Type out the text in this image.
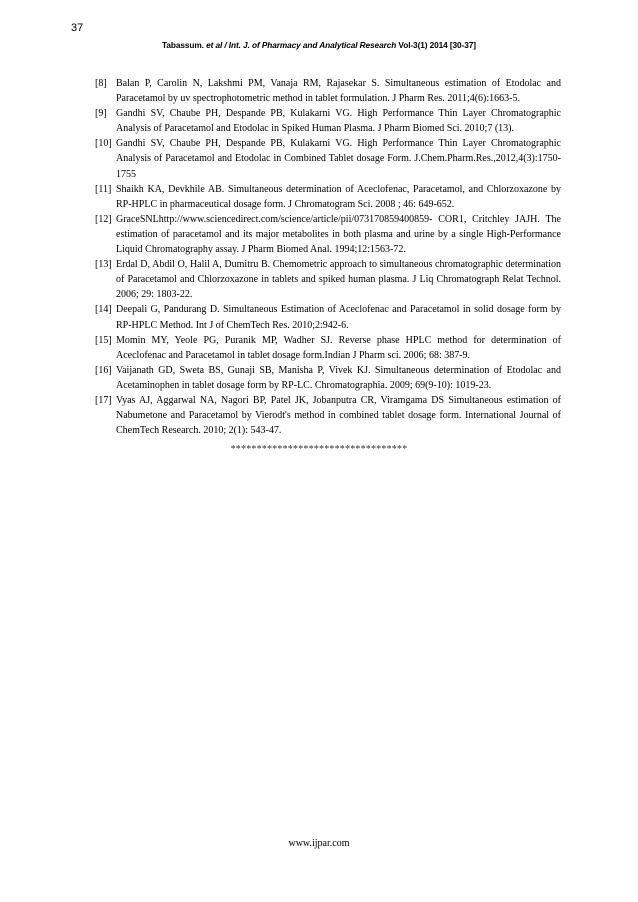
37
Tabassum. et al / Int. J. of Pharmacy and Analytical Research Vol-3(1) 2014 [30-37]
[8] Balan P, Carolin N, Lakshmi PM, Vanaja RM, Rajasekar S. Simultaneous estimation of Etodolac and Paracetamol by uv spectrophotometric method in tablet formulation. J Pharm Res. 2011;4(6):1663-5.
[9] Gandhi SV, Chaube PH, Despande PB, Kulakarni VG. High Performance Thin Layer Chromatographic Analysis of Paracetamol and Etodolac in Spiked Human Plasma. J Pharm Biomed Sci. 2010;7 (13).
[10] Gandhi SV, Chaube PH, Despande PB, Kulakarni VG. High Performance Thin Layer Chromatographic Analysis of Paracetamol and Etodolac in Combined Tablet dosage Form. J.Chem.Pharm.Res.,2012,4(3):1750-1755
[11] Shaikh KA, Devkhile AB. Simultaneous determination of Aceclofenac, Paracetamol, and Chlorzoxazone by RP-HPLC in pharmaceutical dosage form. J Chromatogram Sci. 2008 ; 46: 649-652.
[12] GraceSNLhttp://www.sciencedirect.com/science/article/pii/073170859400859- COR1, Critchley JAJH. The estimation of paracetamol and its major metabolites in both plasma and urine by a single High-Performance Liquid Chromatography assay. J Pharm Biomed Anal. 1994;12:1563-72.
[13] Erdal D, Abdil O, Halil A, Dumitru B. Chemometric approach to simultaneous chromatographic determination of Paracetamol and Chlorzoxazone in tablets and spiked human plasma. J Liq Chromatograph Relat Technol. 2006; 29: 1803-22.
[14] Deepali G, Pandurang D. Simultaneous Estimation of Aceclofenac and Paracetamol in solid dosage form by RP-HPLC Method. Int J of ChemTech Res. 2010;2:942-6.
[15] Momin MY, Yeole PG, Puranik MP, Wadher SJ. Reverse phase HPLC method for determination of Aceclofenac and Paracetamol in tablet dosage form.Indian J Pharm sci. 2006; 68: 387-9.
[16] Vaijanath GD, Sweta BS, Gunaji SB, Manisha P, Vivek KJ. Simultaneous determination of Etodolac and Acetaminophen in tablet dosage form by RP-LC. Chromatographia. 2009; 69(9-10): 1019-23.
[17] Vyas AJ, Aggarwal NA, Nagori BP, Patel JK, Jobanputra CR, Viramgama DS Simultaneous estimation of Nabumetone and Paracetamol by Vierodt's method in combined tablet dosage form. International Journal of ChemTech Research. 2010; 2(1): 543-47.
**********************************
www.ijpar.com
